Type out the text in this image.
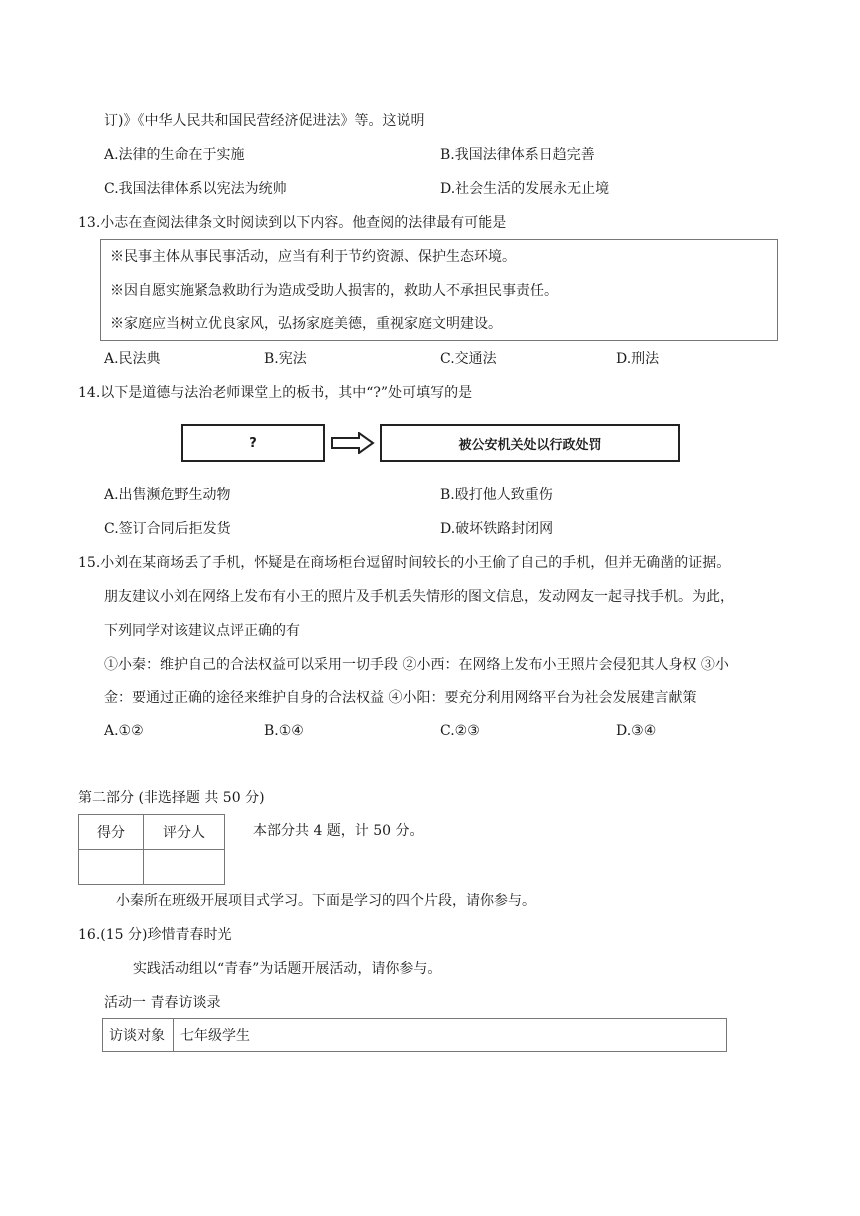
订)》《中华人民共和国民营经济促进法》等。这说明
A.法律的生命在于实施	B.我国法律体系日趋完善
C.我国法律体系以宪法为统帅	D.社会生活的发展永无止境
13.小志在查阅法律条文时阅读到以下内容。他查阅的法律最有可能是
※民事主体从事民事活动，应当有利于节约资源、保护生态环境。
※因自愿实施紧急救助行为造成受助人损害的，救助人不承担民事责任。
※家庭应当树立优良家风，弘扬家庭美德，重视家庭文明建设。
A.民法典	B.宪法	C.交通法	D.刑法
14.以下是道德与法治老师课堂上的板书，其中“?”处可填写的是
?	被公安机关处以行政处罚
A.出售濒危野生动物	B.殴打他人致重伤
C.签订合同后拒发货	D.破坏铁路封闭网
15.小刘在某商场丢了手机，怀疑是在商场柜台逗留时间较长的小王偷了自己的手机，但并无确凿的证据。
朋友建议小刘在网络上发布有小王的照片及手机丢失情形的图文信息，发动网友一起寻找手机。为此，
下列同学对该建议点评正确的有
①小秦：维护自己的合法权益可以采用一切手段 ②小西：在网络上发布小王照片会侵犯其人身权 ③小
金：要通过正确的途径来维护自身的合法权益 ④小阳：要充分利用网络平台为社会发展建言献策
A.①②	B.①④	C.②③	D.③④
第二部分 (非选择题 共 50 分)
得分	评分人
		本部分共 4 题，计 50 分。
小秦所在班级开展项目式学习。下面是学习的四个片段，请你参与。
16.(15 分)珍惜青春时光
实践活动组以“青春”为话题开展活动，请你参与。
活动一 青春访谈录
访谈对象	七年级学生
